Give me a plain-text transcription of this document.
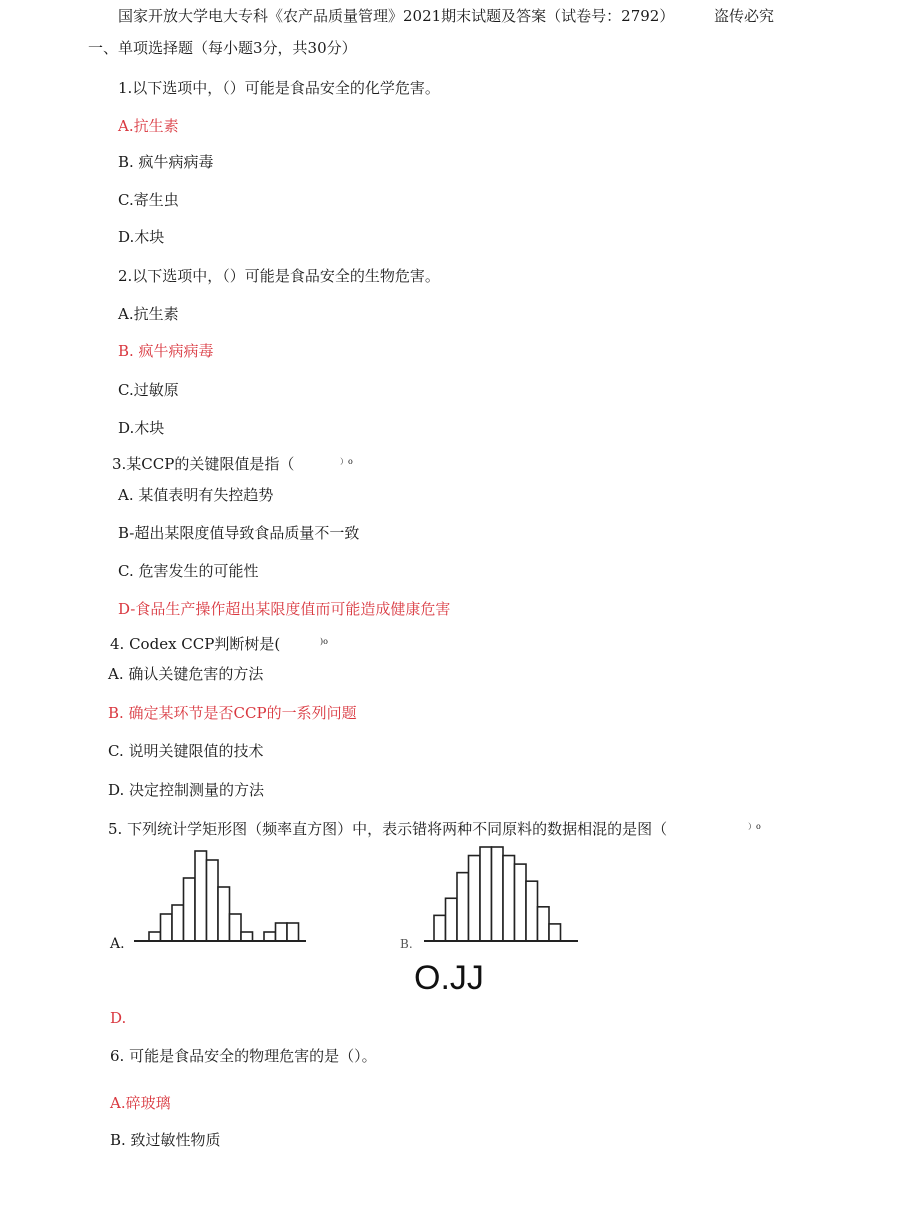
国家开放大学电大专科《农产品质量管理》2021期末试题及答案（试卷号：2792）	盗传必究
一、单项选择题（每小题3分，共30分）
1.以下选项中，（）可能是食品安全的化学危害。
A.抗生素
B. 疯牛病病毒
C.寄生虫
D.木块
2.以下选项中，（）可能是食品安全的生物危害。
A.抗生素
B. 疯牛病病毒
C.过敏原
D.木块
3.某CCP的关键限值是指（	）o
A. 某值表明有失控趋势
B-超出某限度值导致食品质量不一致
C. 危害发生的可能性
D-食品生产操作超出某限度值而可能造成健康危害
4. Codex CCP判断树是(	)o
A. 确认关键危害的方法
B. 确定某环节是否CCP的一系列问题
C. 说明关键限值的技术
D. 决定控制测量的方法
5. 下列统计学矩形图（频率直方图）中，表示错将两种不同原料的数据相混的是图（	）o
A.	B.
O.JJ
D.
6. 可能是食品安全的物理危害的是（）。
A.碎玻璃
B. 致过敏性物质
